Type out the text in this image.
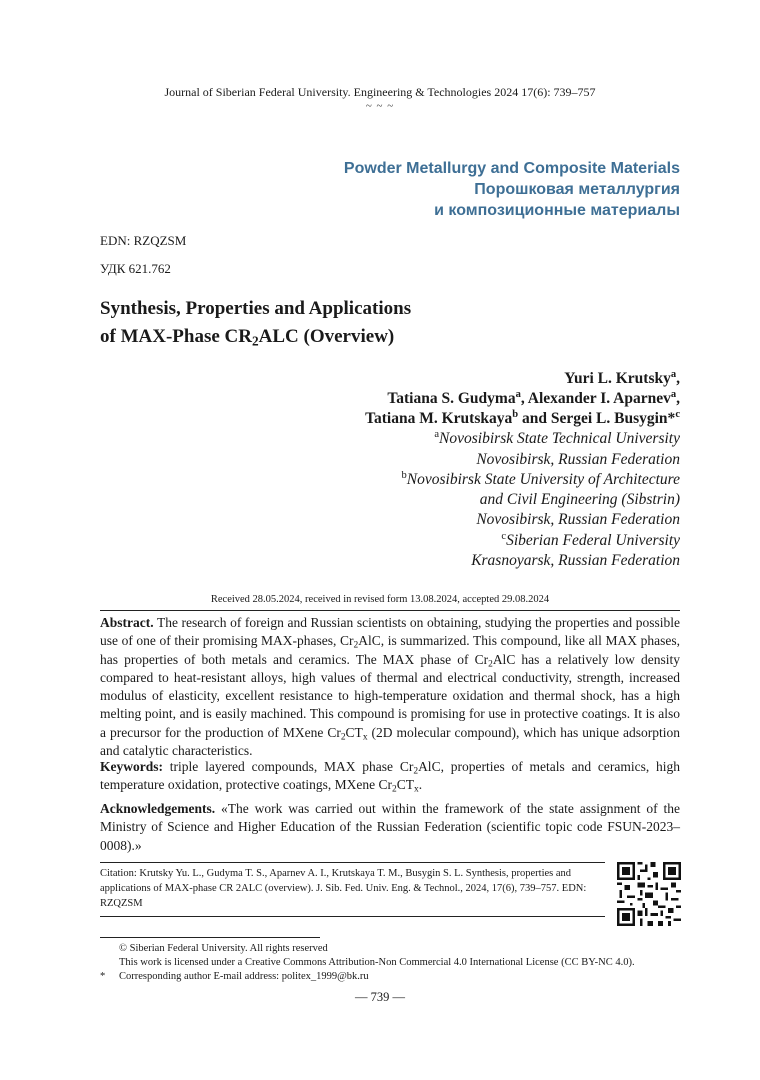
Journal of Siberian Federal University. Engineering & Technologies 2024 17(6): 739–757
~ ~ ~
Powder Metallurgy and Composite Materials
Порошковая металлургия
и композиционные материалы
EDN: RZQZSM
УДК 621.762
Synthesis, Properties and Applications
of MAX-Phase $CR_2ALC$ (Overview)
Yuri L. Krutsky$^a$,
Tatiana S. Gudyma$^a$, Alexander I. Aparnev$^a$,
Tatiana M. Krutskaya$^b$ and Sergei L. Busygin*$^c$
$^a$Novosibirsk State Technical University
Novosibirsk, Russian Federation
$^b$Novosibirsk State University of Architecture
and Civil Engineering (Sibstrin)
Novosibirsk, Russian Federation
$^c$Siberian Federal University
Krasnoyarsk, Russian Federation
Received 28.05.2024, received in revised form 13.08.2024, accepted 29.08.2024

Abstract. The research of foreign and Russian scientists on obtaining, studying the properties and possible use of one of their promising MAX-phases, $Cr_2AlC$, is summarized. This compound, like all MAX phases, has properties of both metals and ceramics. The MAX phase of $Cr_2AlC$ has a relatively low density compared to heat-resistant alloys, high values of thermal and electrical conductivity, strength, increased modulus of elasticity, excellent resistance to high-temperature oxidation and thermal shock, has a high melting point, and is easily machined. This compound is promising for use in protective coatings. It is also a precursor for the production of MXene $Cr_2CT_x$ (2D molecular compound), which has unique adsorption and catalytic characteristics.

Keywords: triple layered compounds, MAX phase $Cr_2AlC$, properties of metals and ceramics, high temperature oxidation, protective coatings, MXene $Cr_2CT_x$.

Acknowledgements. «The work was carried out within the framework of the state assignment of the Ministry of Science and Higher Education of the Russian Federation (scientific topic code FSUN-2023–0008).»

Citation: Krutsky Yu. L., Gudyma T. S., Aparnev A. I., Krutskaya T. M., Busygin S. L. Synthesis, properties and applications of MAX-phase CR 2ALC (overview). J. Sib. Fed. Univ. Eng. & Technol., 2024, 17(6), 739–757. EDN: RZQZSM

© Siberian Federal University. All rights reserved
This work is licensed under a Creative Commons Attribution-Non Commercial 4.0 International License (CC BY-NC 4.0).
* Corresponding author E-mail address: politex_1999@bk.ru
— 739 —
